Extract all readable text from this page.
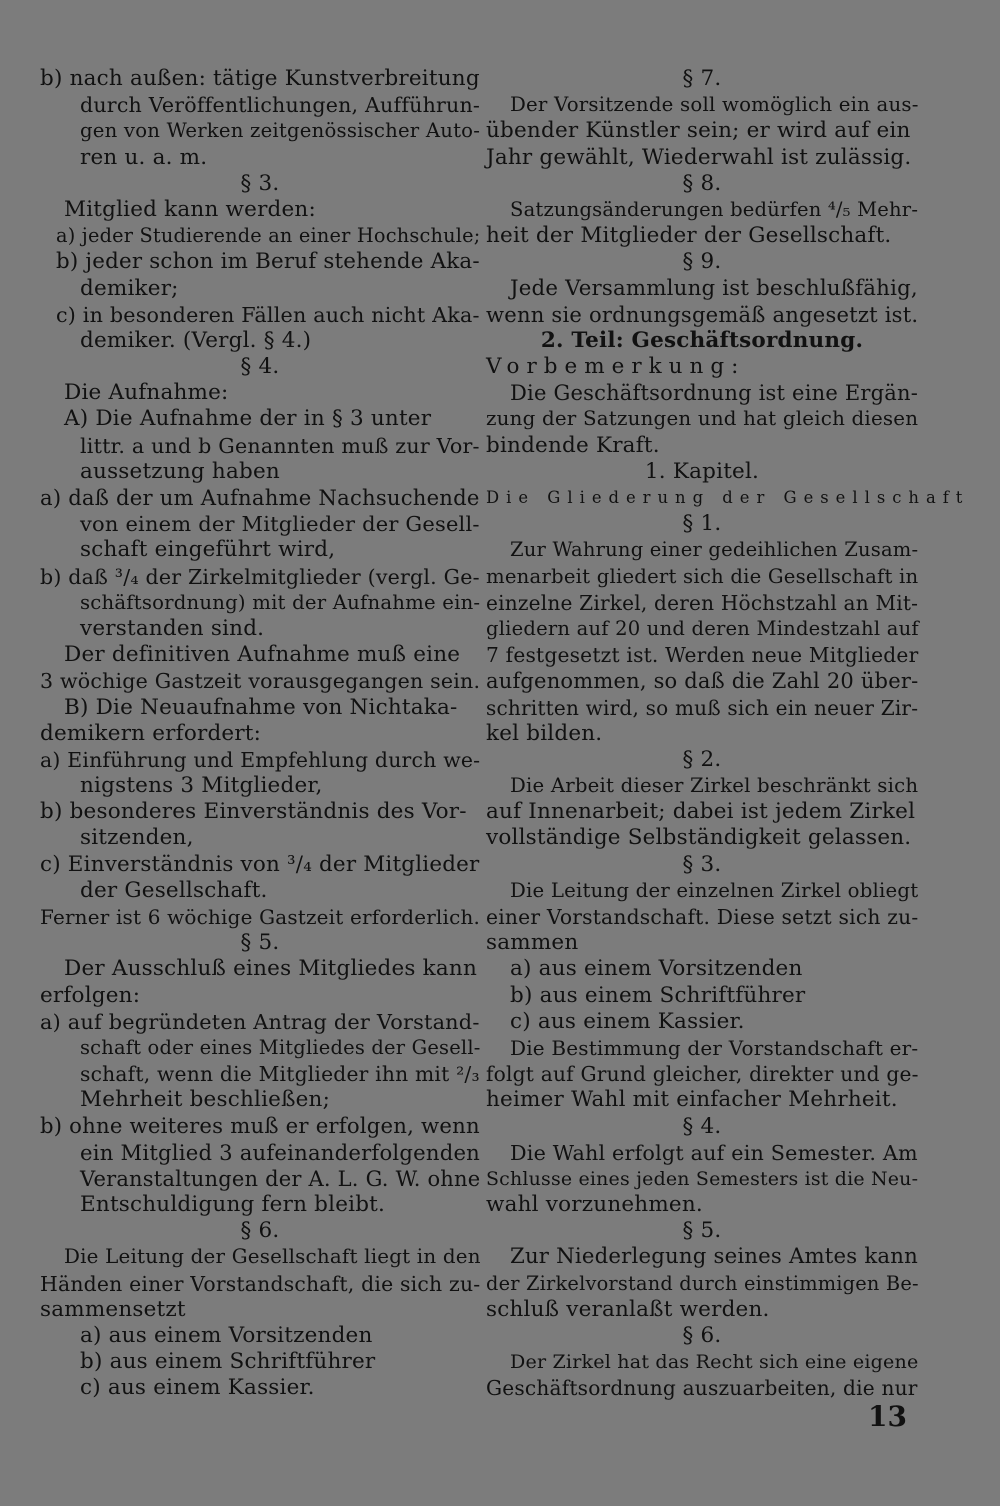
b) nach außen: tätige Kunstverbreitung
durch Veröffentlichungen, Aufführun-
gen von Werken zeitgenössischer Auto-
ren u. a. m.
§ 3.
Mitglied kann werden:
a) jeder Studierende an einer Hochschule;
b) jeder schon im Beruf stehende Aka-
demiker;
c) in besonderen Fällen auch nicht Aka-
demiker. (Vergl. § 4.)
§ 4.
Die Aufnahme:
A) Die Aufnahme der in § 3 unter
littr. a und b Genannten muß zur Vor-
aussetzung haben
a) daß der um Aufnahme Nachsuchende
von einem der Mitglieder der Gesell-
schaft eingeführt wird,
b) daß ³/₄ der Zirkelmitglieder (vergl. Ge-
schäftsordnung) mit der Aufnahme ein-
verstanden sind.
Der definitiven Aufnahme muß eine
3 wöchige Gastzeit vorausgegangen sein.
B) Die Neuaufnahme von Nichtaka-
demikern erfordert:
a) Einführung und Empfehlung durch we-
nigstens 3 Mitglieder,
b) besonderes Einverständnis des Vor-
sitzenden,
c) Einverständnis von ³/₄ der Mitglieder
der Gesellschaft.
Ferner ist 6 wöchige Gastzeit erforderlich.
§ 5.
Der Ausschluß eines Mitgliedes kann
erfolgen:
a) auf begründeten Antrag der Vorstand-
schaft oder eines Mitgliedes der Gesell-
schaft, wenn die Mitglieder ihn mit ²/₃
Mehrheit beschließen;
b) ohne weiteres muß er erfolgen, wenn
ein Mitglied 3 aufeinanderfolgenden
Veranstaltungen der A. L. G. W. ohne
Entschuldigung fern bleibt.
§ 6.
Die Leitung der Gesellschaft liegt in den
Händen einer Vorstandschaft, die sich zu-
sammensetzt
a) aus einem Vorsitzenden
b) aus einem Schriftführer
c) aus einem Kassier.
§ 7.
Der Vorsitzende soll womöglich ein aus-
übender Künstler sein; er wird auf ein
Jahr gewählt, Wiederwahl ist zulässig.
§ 8.
Satzungsänderungen bedürfen ⁴/₅ Mehr-
heit der Mitglieder der Gesellschaft.
§ 9.
Jede Versammlung ist beschlußfähig,
wenn sie ordnungsgemäß angesetzt ist.
2. Teil: Geschäftsordnung.
Vorbemerkung:
Die Geschäftsordnung ist eine Ergän-
zung der Satzungen und hat gleich diesen
bindende Kraft.
1. Kapitel.
Die Gliederung der Gesellschaft
§ 1.
Zur Wahrung einer gedeihlichen Zusam-
menarbeit gliedert sich die Gesellschaft in
einzelne Zirkel, deren Höchstzahl an Mit-
gliedern auf 20 und deren Mindestzahl auf
7 festgesetzt ist. Werden neue Mitglieder
aufgenommen, so daß die Zahl 20 über-
schritten wird, so muß sich ein neuer Zir-
kel bilden.
§ 2.
Die Arbeit dieser Zirkel beschränkt sich
auf Innenarbeit; dabei ist jedem Zirkel
vollständige Selbständigkeit gelassen.
§ 3.
Die Leitung der einzelnen Zirkel obliegt
einer Vorstandschaft. Diese setzt sich zu-
sammen
a) aus einem Vorsitzenden
b) aus einem Schriftführer
c) aus einem Kassier.
Die Bestimmung der Vorstandschaft er-
folgt auf Grund gleicher, direkter und ge-
heimer Wahl mit einfacher Mehrheit.
§ 4.
Die Wahl erfolgt auf ein Semester. Am
Schlusse eines jeden Semesters ist die Neu-
wahl vorzunehmen.
§ 5.
Zur Niederlegung seines Amtes kann
der Zirkelvorstand durch einstimmigen Be-
schluß veranlaßt werden.
§ 6.
Der Zirkel hat das Recht sich eine eigene
Geschäftsordnung auszuarbeiten, die nur
13
